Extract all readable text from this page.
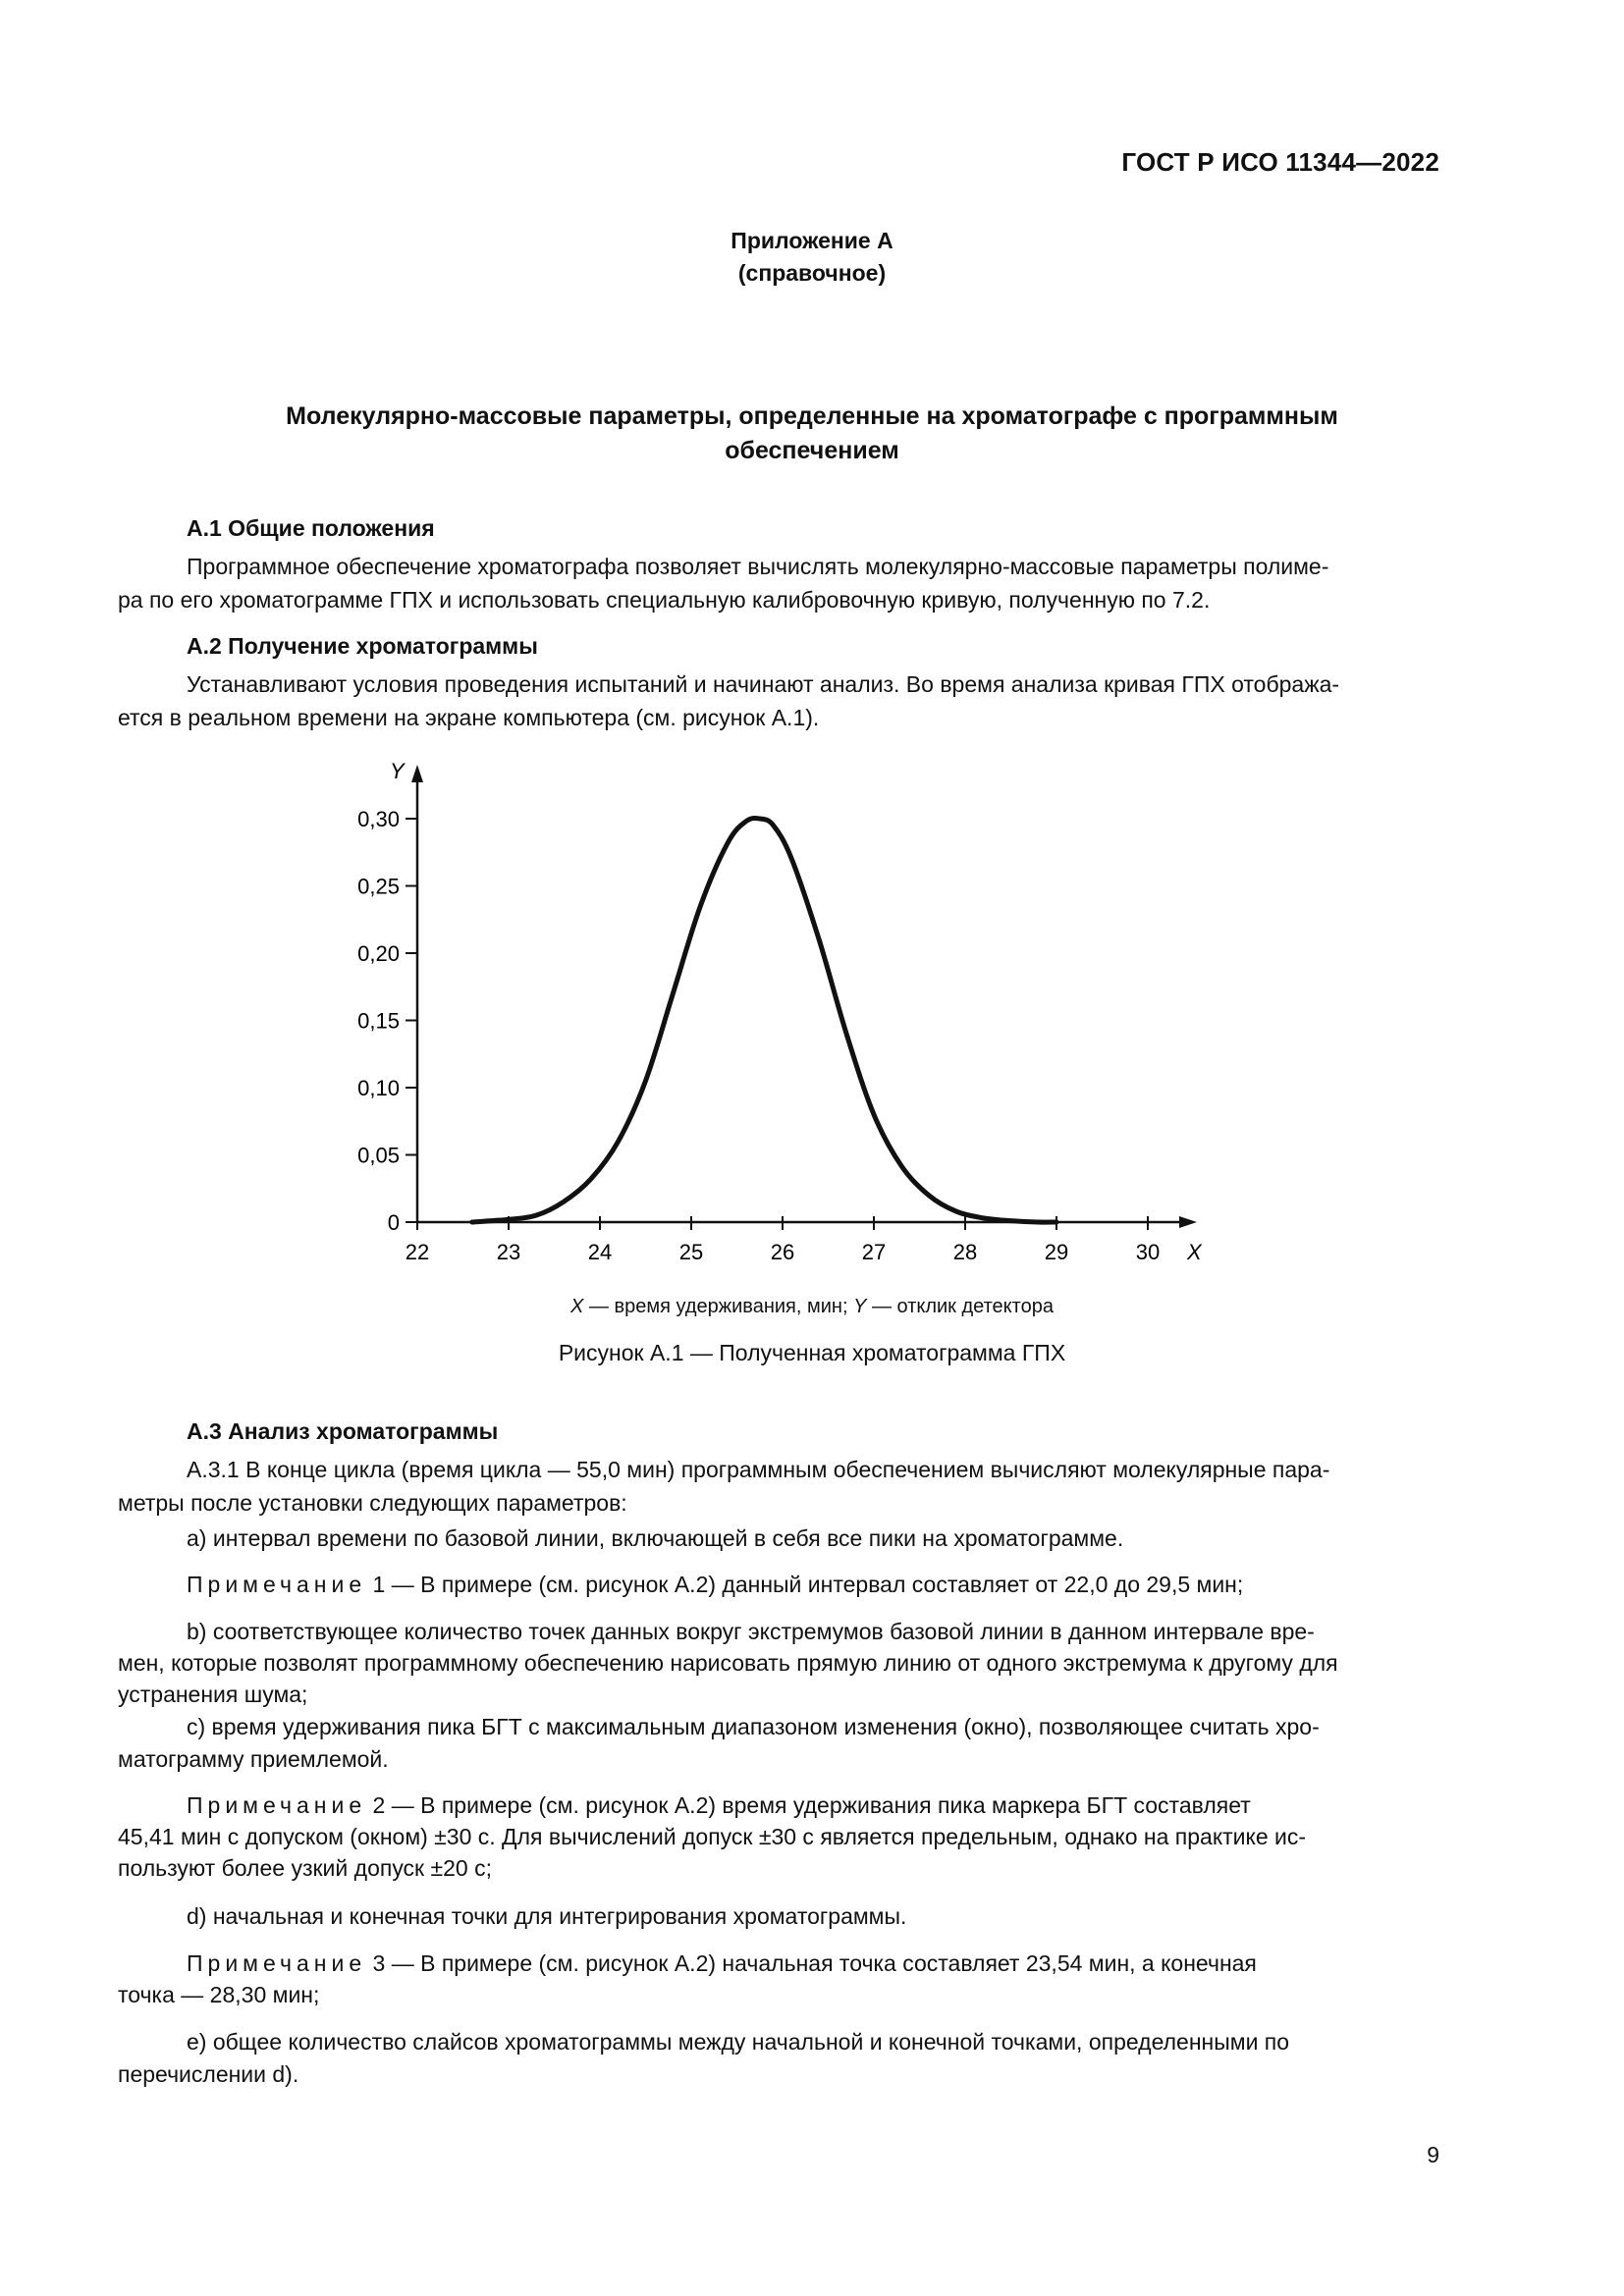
ГОСТ Р ИСО 11344—2022
Приложение А
(справочное)
Молекулярно-массовые параметры, определенные на хроматографе с программным
обеспечением
А.1 Общие положения
Программное обеспечение хроматографа позволяет вычислять молекулярно-массовые параметры полиме-
ра по его хроматограмме ГПХ и использовать специальную калибровочную кривую, полученную по 7.2.
А.2 Получение хроматограммы
Устанавливают условия проведения испытаний и начинают анализ. Во время анализа кривая ГПХ отобража-
ется в реальном времени на экране компьютера (см. рисунок А.1).
Y
X
22	23	24	25	26	27	28	29	30
0
0,05
0,10
0,15
0,20
0,25
0,30
X — время удерживания, мин; Y — отклик детектора
Рисунок А.1 — Полученная хроматограмма ГПХ
А.3 Анализ хроматограммы
А.3.1 В конце цикла (время цикла — 55,0 мин) программным обеспечением вычисляют молекулярные пара-
метры после установки следующих параметров:
а) интервал времени по базовой линии, включающей в себя все пики на хроматограмме.
Примечание 1 — В примере (см. рисунок А.2) данный интервал составляет от 22,0 до 29,5 мин;
b) соответствующее количество точек данных вокруг экстремумов базовой линии в данном интервале вре-
мен, которые позволят программному обеспечению нарисовать прямую линию от одного экстремума к другому для
устранения шума;
с) время удерживания пика БГТ с максимальным диапазоном изменения (окно), позволяющее считать хро-
матограмму приемлемой.
Примечание 2 — В примере (см. рисунок А.2) время удерживания пика маркера БГТ составляет
45,41 мин с допуском (окном) ±30 с. Для вычислений допуск ±30 с является предельным, однако на практике ис-
пользуют более узкий допуск ±20 с;
d) начальная и конечная точки для интегрирования хроматограммы.
Примечание 3 — В примере (см. рисунок А.2) начальная точка составляет 23,54 мин, а конечная
точка — 28,30 мин;
е) общее количество слайсов хроматограммы между начальной и конечной точками, определенными по
перечислении d).
9
